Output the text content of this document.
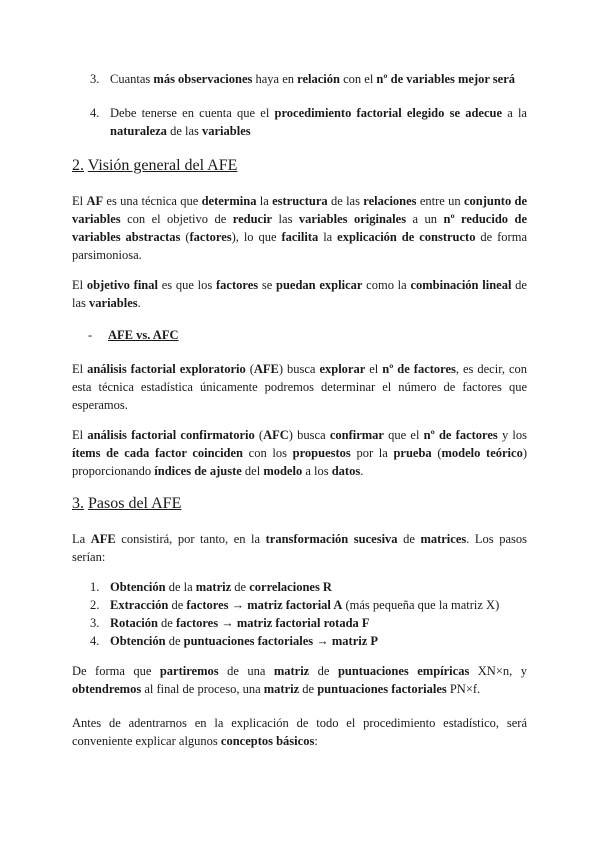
3. Cuantas más observaciones haya en relación con el nº de variables mejor será
4. Debe tenerse en cuenta que el procedimiento factorial elegido se adecue a la naturaleza de las variables
2. Visión general del AFE
El AF es una técnica que determina la estructura de las relaciones entre un conjunto de variables con el objetivo de reducir las variables originales a un nº reducido de variables abstractas (factores), lo que facilita la explicación de constructo de forma parsimoniosa.
El objetivo final es que los factores se puedan explicar como la combinación lineal de las variables.
- AFE vs. AFC
El análisis factorial exploratorio (AFE) busca explorar el nº de factores, es decir, con esta técnica estadística únicamente podremos determinar el número de factores que esperamos.
El análisis factorial confirmatorio (AFC) busca confirmar que el nº de factores y los ítems de cada factor coinciden con los propuestos por la prueba (modelo teórico) proporcionando índices de ajuste del modelo a los datos.
3. Pasos del AFE
La AFE consistirá, por tanto, en la transformación sucesiva de matrices. Los pasos serían:
1. Obtención de la matriz de correlaciones R
2. Extracción de factores → matriz factorial A (más pequeña que la matriz X)
3. Rotación de factores → matriz factorial rotada F
4. Obtención de puntuaciones factoriales → matriz P
De forma que partiremos de una matriz de puntuaciones empíricas XN×n, y obtendremos al final de proceso, una matriz de puntuaciones factoriales PN×f.
Antes de adentrarnos en la explicación de todo el procedimiento estadístico, será conveniente explicar algunos conceptos básicos:
